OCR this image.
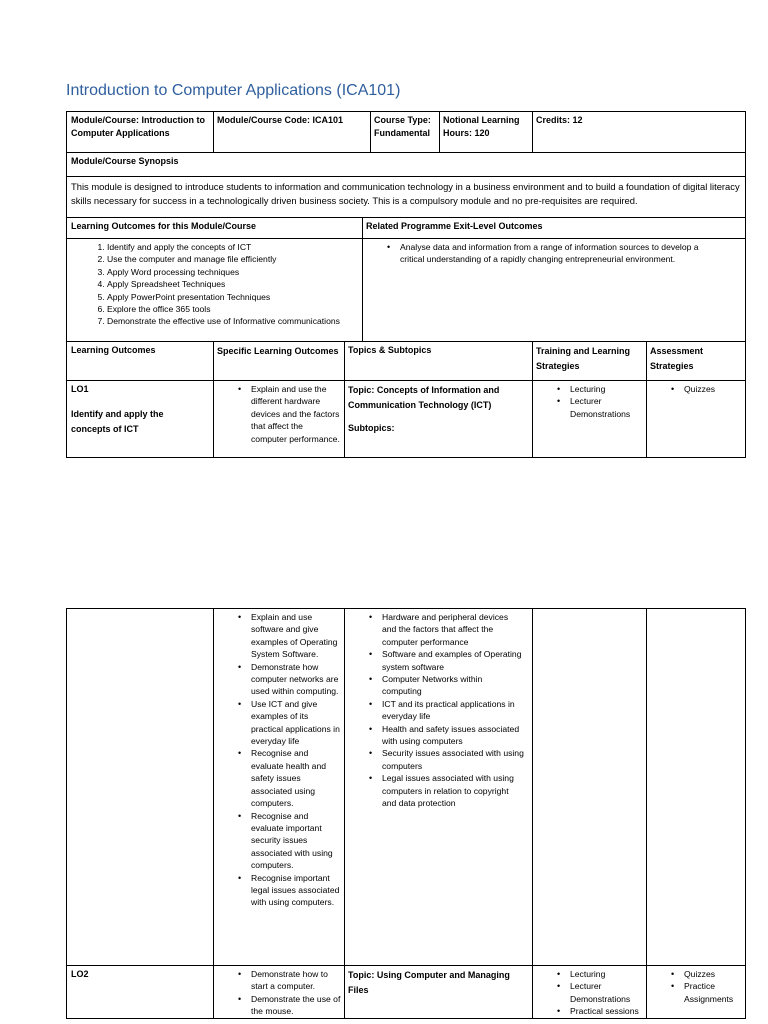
Introduction to Computer Applications (ICA101)
Module/Course: Introduction to Computer Applications
Module/Course Code: ICA101	Course Type: Fundamental
Notional Learning Hours: 120
Credits: 12
Module/Course Synopsis
This module is designed to introduce students to information and communication technology in a business environment and to build a foundation of digital literacy skills necessary for success in a technologically driven business society. This is a compulsory module and no pre-requisites are required.
Learning Outcomes for this Module/Course	Related Programme Exit-Level Outcomes
1. Identify and apply the concepts of ICT
2. Use the computer and manage file efficiently
3. Apply Word processing techniques
4. Apply Spreadsheet Techniques
5. Apply PowerPoint presentation Techniques
6. Explore the office 365 tools
7. Demonstrate the effective use of Informative communications
• Analyse data and information from a range of information sources to develop a critical understanding of a rapidly changing entrepreneurial environment.
Learning Outcomes	Specific Learning Outcomes	Topics & Subtopics	Training and Learning Strategies
Assessment Strategies
LO1
Identify and apply the concepts of ICT
• Explain and use the different hardware devices and the factors that affect the computer performance.
Topic: Concepts of Information and Communication Technology (ICT)
Subtopics:
• Lecturing
• Lecturer Demonstrations
• Quizzes
• Explain and use software and give examples of Operating System Software.
• Demonstrate how computer networks are used within computing.
• Use ICT and give examples of its practical applications in everyday life
• Recognise and evaluate health and safety issues associated using computers.
• Recognise and evaluate important security issues associated with using computers.
• Recognise important legal issues associated with using computers.
• Hardware and peripheral devices and the factors that affect the computer performance
• Software and examples of Operating system software
• Computer Networks within computing
• ICT and its practical applications in everyday life
• Health and safety issues associated with using computers
• Security issues associated with using computers
• Legal issues associated with using computers in relation to copyright and data protection
LO2
•	Demonstrate how to start a computer.
• Demonstrate the use of the mouse.
Topic: Using Computer and Managing Files
• Lecturing
• Lecturer Demonstrations
• Practical sessions
• Quizzes
• Practice Assignments
